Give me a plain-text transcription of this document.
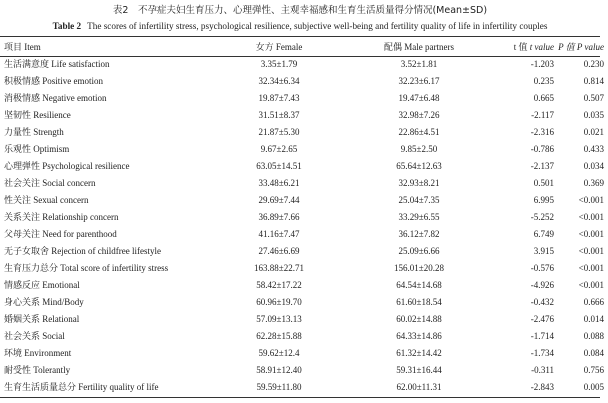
表2　不孕症夫妇生育压力、心理弹性、主观幸福感和生育生活质量得分情况(Mean±SD)
Table 2 The scores of infertility stress, psychological resilience, subjective well-being and fertility quality of life in infertility couples
项目 Item	女方 Female	配偶 Male partners	t 值 t value	P 值 P value
生活满意度 Life satisfaction	3.35±1.79	3.52±1.81	-1.203	0.230
积极情感 Positive emotion	32.34±6.34	32.23±6.17	0.235	0.814
消极情感 Negative emotion	19.87±7.43	19.47±6.48	0.665	0.507
坚韧性 Resilience	31.51±8.37	32.98±7.26	-2.117	0.035
力量性 Strength	21.87±5.30	22.86±4.51	-2.316	0.021
乐观性 Optimism	9.67±2.65	9.85±2.50	-0.786	0.433
心理弹性 Psychological resilience	63.05±14.51	65.64±12.63	-2.137	0.034
社会关注 Social concern	33.48±6.21	32.93±8.21	0.501	0.369
性关注 Sexual concern	29.69±7.44	25.04±7.35	6.995	<0.001
关系关注 Relationship concern	36.89±7.66	33.29±6.55	-5.252	<0.001
父母关注 Need for parenthood	41.16±7.47	36.12±7.82	6.749	<0.001
无子女取舍 Rejection of childfree lifestyle	27.46±6.69	25.09±6.66	3.915	<0.001
生育压力总分 Total score of infertility stress	163.88±22.71	156.01±20.28	-0.576	<0.001
情感反应 Emotional	58.42±17.22	64.54±14.68	-4.926	<0.001
身心关系 Mind/Body	60.96±19.70	61.60±18.54	-0.432	0.666
婚姻关系 Relational	57.09±13.13	60.02±14.88	-2.476	0.014
社会关系 Social	62.28±15.88	64.33±14.86	-1.714	0.088
环境 Environment	59.62±12.4	61.32±14.42	-1.734	0.084
耐受性 Tolerantly	58.91±12.40	59.31±16.44	-0.311	0.756
生育生活质量总分 Fertility quality of life	59.59±11.80	62.00±11.31	-2.843	0.005
